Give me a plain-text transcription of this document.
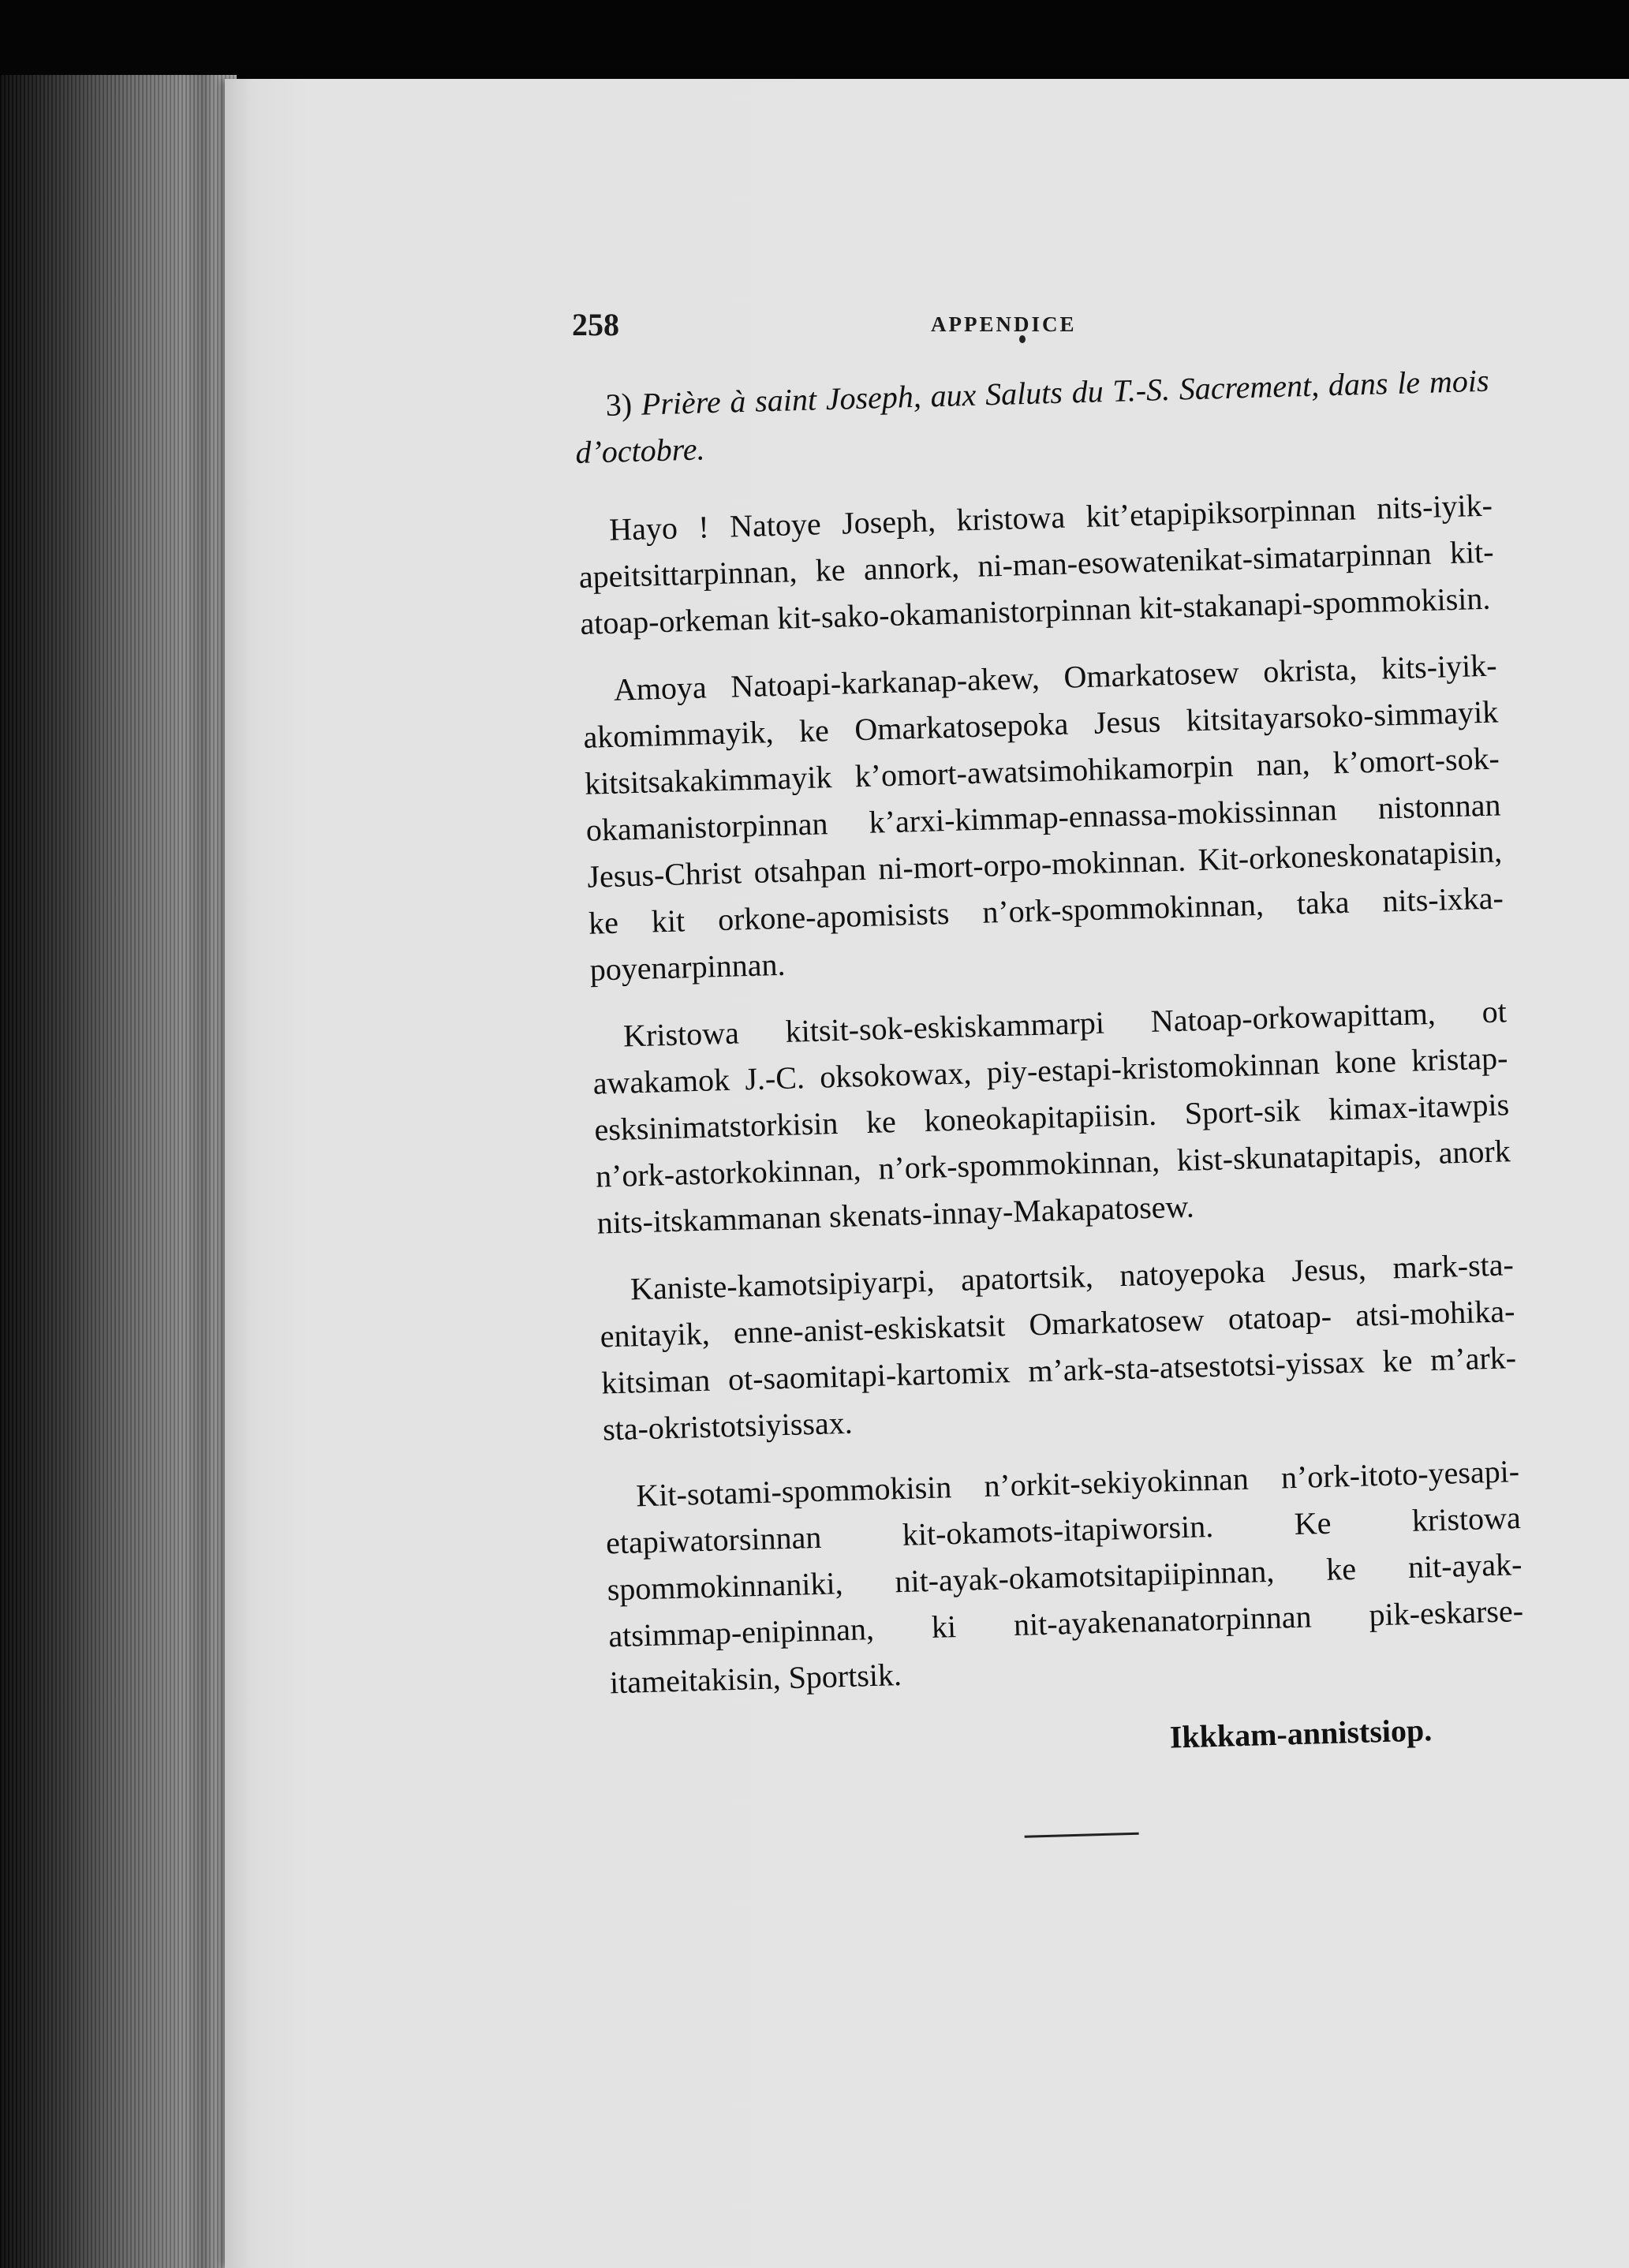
258	APPENDICE

3) Prière à saint Joseph, aux Saluts du T.-S. Sacrement, dans le mois d’octobre.

Hayo ! Natoye Joseph, kristowa kit’etapipiksorpinnan nits-iyik-apeitsittarpinnan, ke annork, ni-man-esowatenikat-simatarpinnan kit-atoap-orkeman kit-sako-okamanistorpinnan kit-stakanapi-spommokisin.

Amoya Natoapi-karkanap-akew, Omarkatosew okrista, kits-iyik-akomimmayik, ke Omarkatosepoka Jesus kitsitayarsoko-simmayik kitsitsakakimmayik k’omort-awatsimohikamorpin nan, k’omort-sok-okamanistorpinnan k’arxi-kimmap-ennassa-mokissinnan nistonnan Jesus-Christ otsahpan ni-mort-orpo-mokinnan. Kit-orkoneskonatapisin, ke kit orkone-apomisists n’ork-spommokinnan, taka nits-ixka-poyenarpinnan.

Kristowa kitsit-sok-eskiskammarpi Natoap-orkowapittam, ot awakamok J.-C. oksokowax, piy-estapi-kristomokinnan kone kristap-esksinimatstorkisin ke koneokapitapiisin. Sport-sik kimax-itawpis n’ork-astorkokinnan, n’ork-spommokinnan, kist-skunatapitapis, anork nits-itskammanan skenats-innay-Makapatosew.

Kaniste-kamotsipiyarpi, apatortsik, natoyepoka Jesus, mark-sta-enitayik, enne-anist-eskiskatsit Omarkatosew otatoap- atsi-mohika-kitsiman ot-saomitapi-kartomix m’ark-sta-atsestotsi-yissax ke m’ark-sta-okristotsiyissax.

Kit-sotami-spommokisin n’orkit-sekiyokinnan n’ork-itoto-yesapi-etapiwatorsinnan kit-okamots-itapiworsin. Ke kristowa spommokinnaniki, nit-ayak-okamotsitapiipinnan, ke nit-ayak-atsimmap-enipinnan, ki nit-ayakenanatorpinnan pik-eskarse-itameitakisin, Sportsik.

Ikkkam-annistsiop.
